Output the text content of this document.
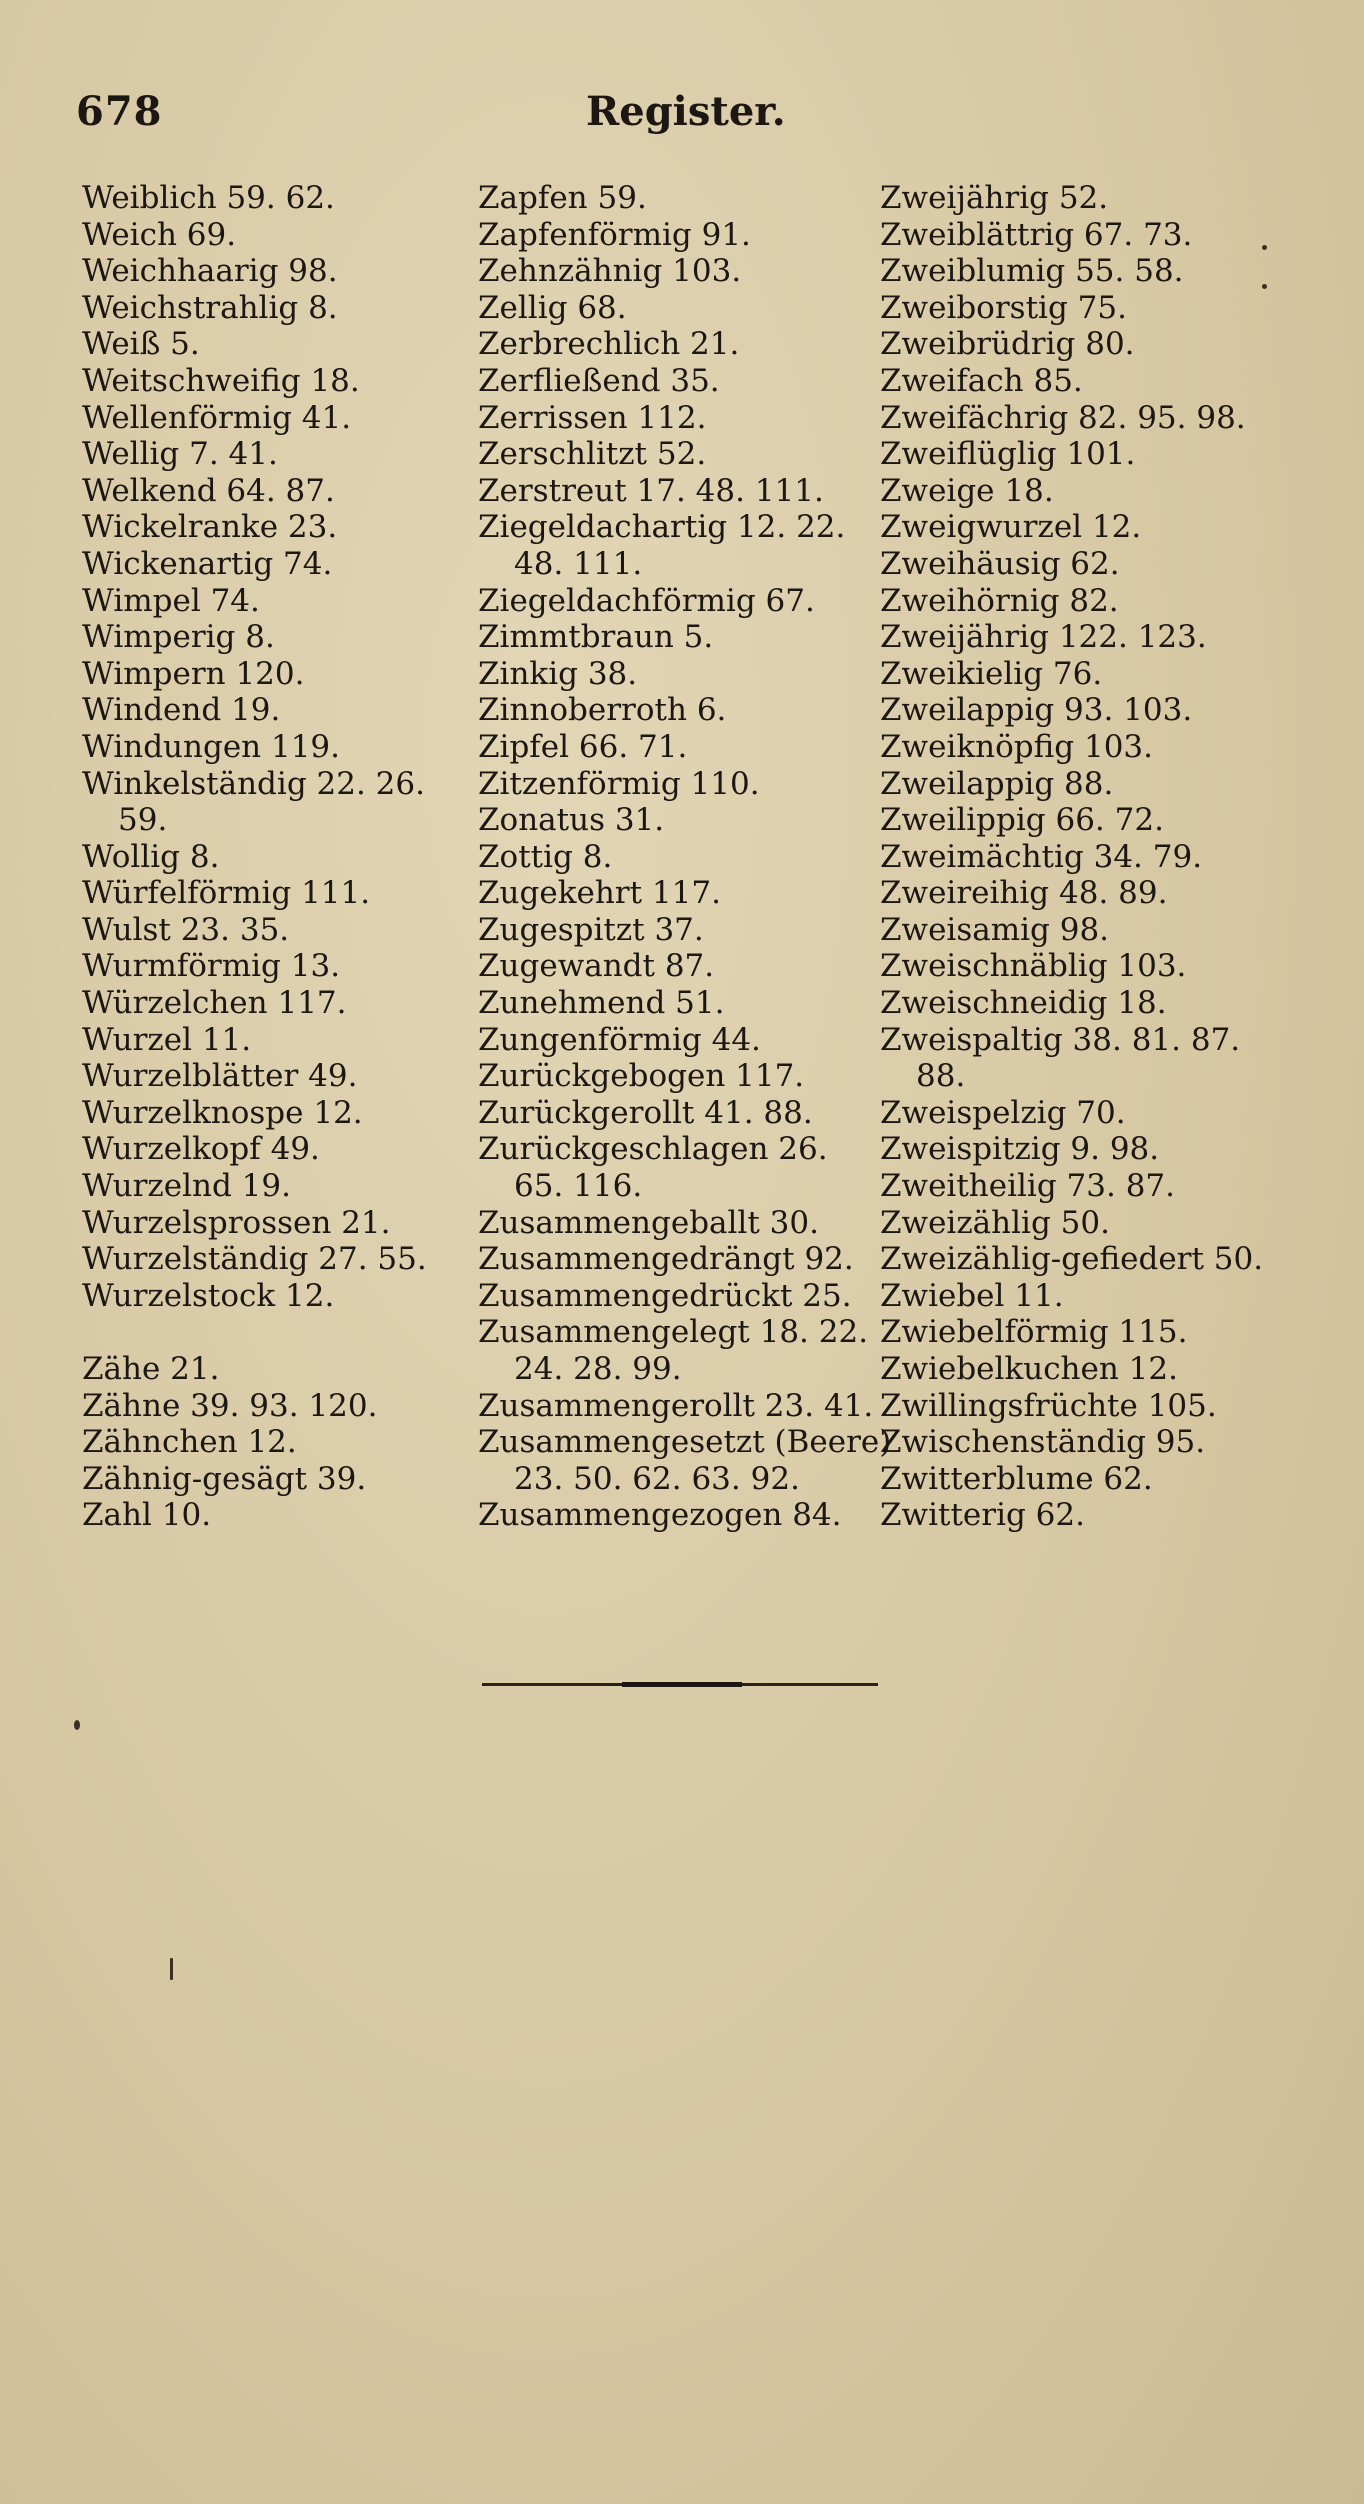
678	Register.
Weiblich 59. 62.
Weich 69.
Weichhaarig 98.
Weichstrahlig 8.
Weiß 5.
Weitschweifig 18.
Wellenförmig 41.
Wellig 7. 41.
Welkend 64. 87.
Wickelranke 23.
Wickenartig 74.
Wimpel 74.
Wimperig 8.
Wimpern 120.
Windend 19.
Windungen 119.
Winkelständig 22. 26.
59.
Wollig 8.
Würfelförmig 111.
Wulst 23. 35.
Wurmförmig 13.
Würzelchen 117.
Wurzel 11.
Wurzelblätter 49.
Wurzelknospe 12.
Wurzelkopf 49.
Wurzelnd 19.
Wurzelsprossen 21.
Wurzelständig 27. 55.
Wurzelstock 12.
Zähe 21.
Zähne 39. 93. 120.
Zähnchen 12.
Zähnig-gesägt 39.
Zahl 10.
Zapfen 59.
Zapfenförmig 91.
Zehnzähnig 103.
Zellig 68.
Zerbrechlich 21.
Zerfließend 35.
Zerrissen 112.
Zerschlitzt 52.
Zerstreut 17. 48. 111.
Ziegeldachartig 12. 22.
48. 111.
Ziegeldachförmig 67.
Zimmtbraun 5.
Zinkig 38.
Zinnoberroth 6.
Zipfel 66. 71.
Zitzenförmig 110.
Zonatus 31.
Zottig 8.
Zugekehrt 117.
Zugespitzt 37.
Zugewandt 87.
Zunehmend 51.
Zungenförmig 44.
Zurückgebogen 117.
Zurückgerollt 41. 88.
Zurückgeschlagen 26.
65. 116.
Zusammengeballt 30.
Zusammengedrängt 92.
Zusammengedrückt 25.
Zusammengelegt 18. 22.
24. 28. 99.
Zusammengerollt 23. 41.
Zusammengesetzt (Beere)
23. 50. 62. 63. 92.
Zusammengezogen 84.
Zweijährig 52.
Zweiblättrig 67. 73.
Zweiblumig 55. 58.
Zweiborstig 75.
Zweibrüdrig 80.
Zweifach 85.
Zweifächrig 82. 95. 98.
Zweiflüglig 101.
Zweige 18.
Zweigwurzel 12.
Zweihäusig 62.
Zweihörnig 82.
Zweijährig 122. 123.
Zweikielig 76.
Zweilappig 93. 103.
Zweiknöpfig 103.
Zweilappig 88.
Zweilippig 66. 72.
Zweimächtig 34. 79.
Zweireihig 48. 89.
Zweisamig 98.
Zweischnäblig 103.
Zweischneidig 18.
Zweispaltig 38. 81. 87.
88.
Zweispelzig 70.
Zweispitzig 9. 98.
Zweitheilig 73. 87.
Zweizählig 50.
Zweizählig-gefiedert 50.
Zwiebel 11.
Zwiebelförmig 115.
Zwiebelkuchen 12.
Zwillingsfrüchte 105.
Zwischenständig 95.
Zwitterblume 62.
Zwitterig 62.
